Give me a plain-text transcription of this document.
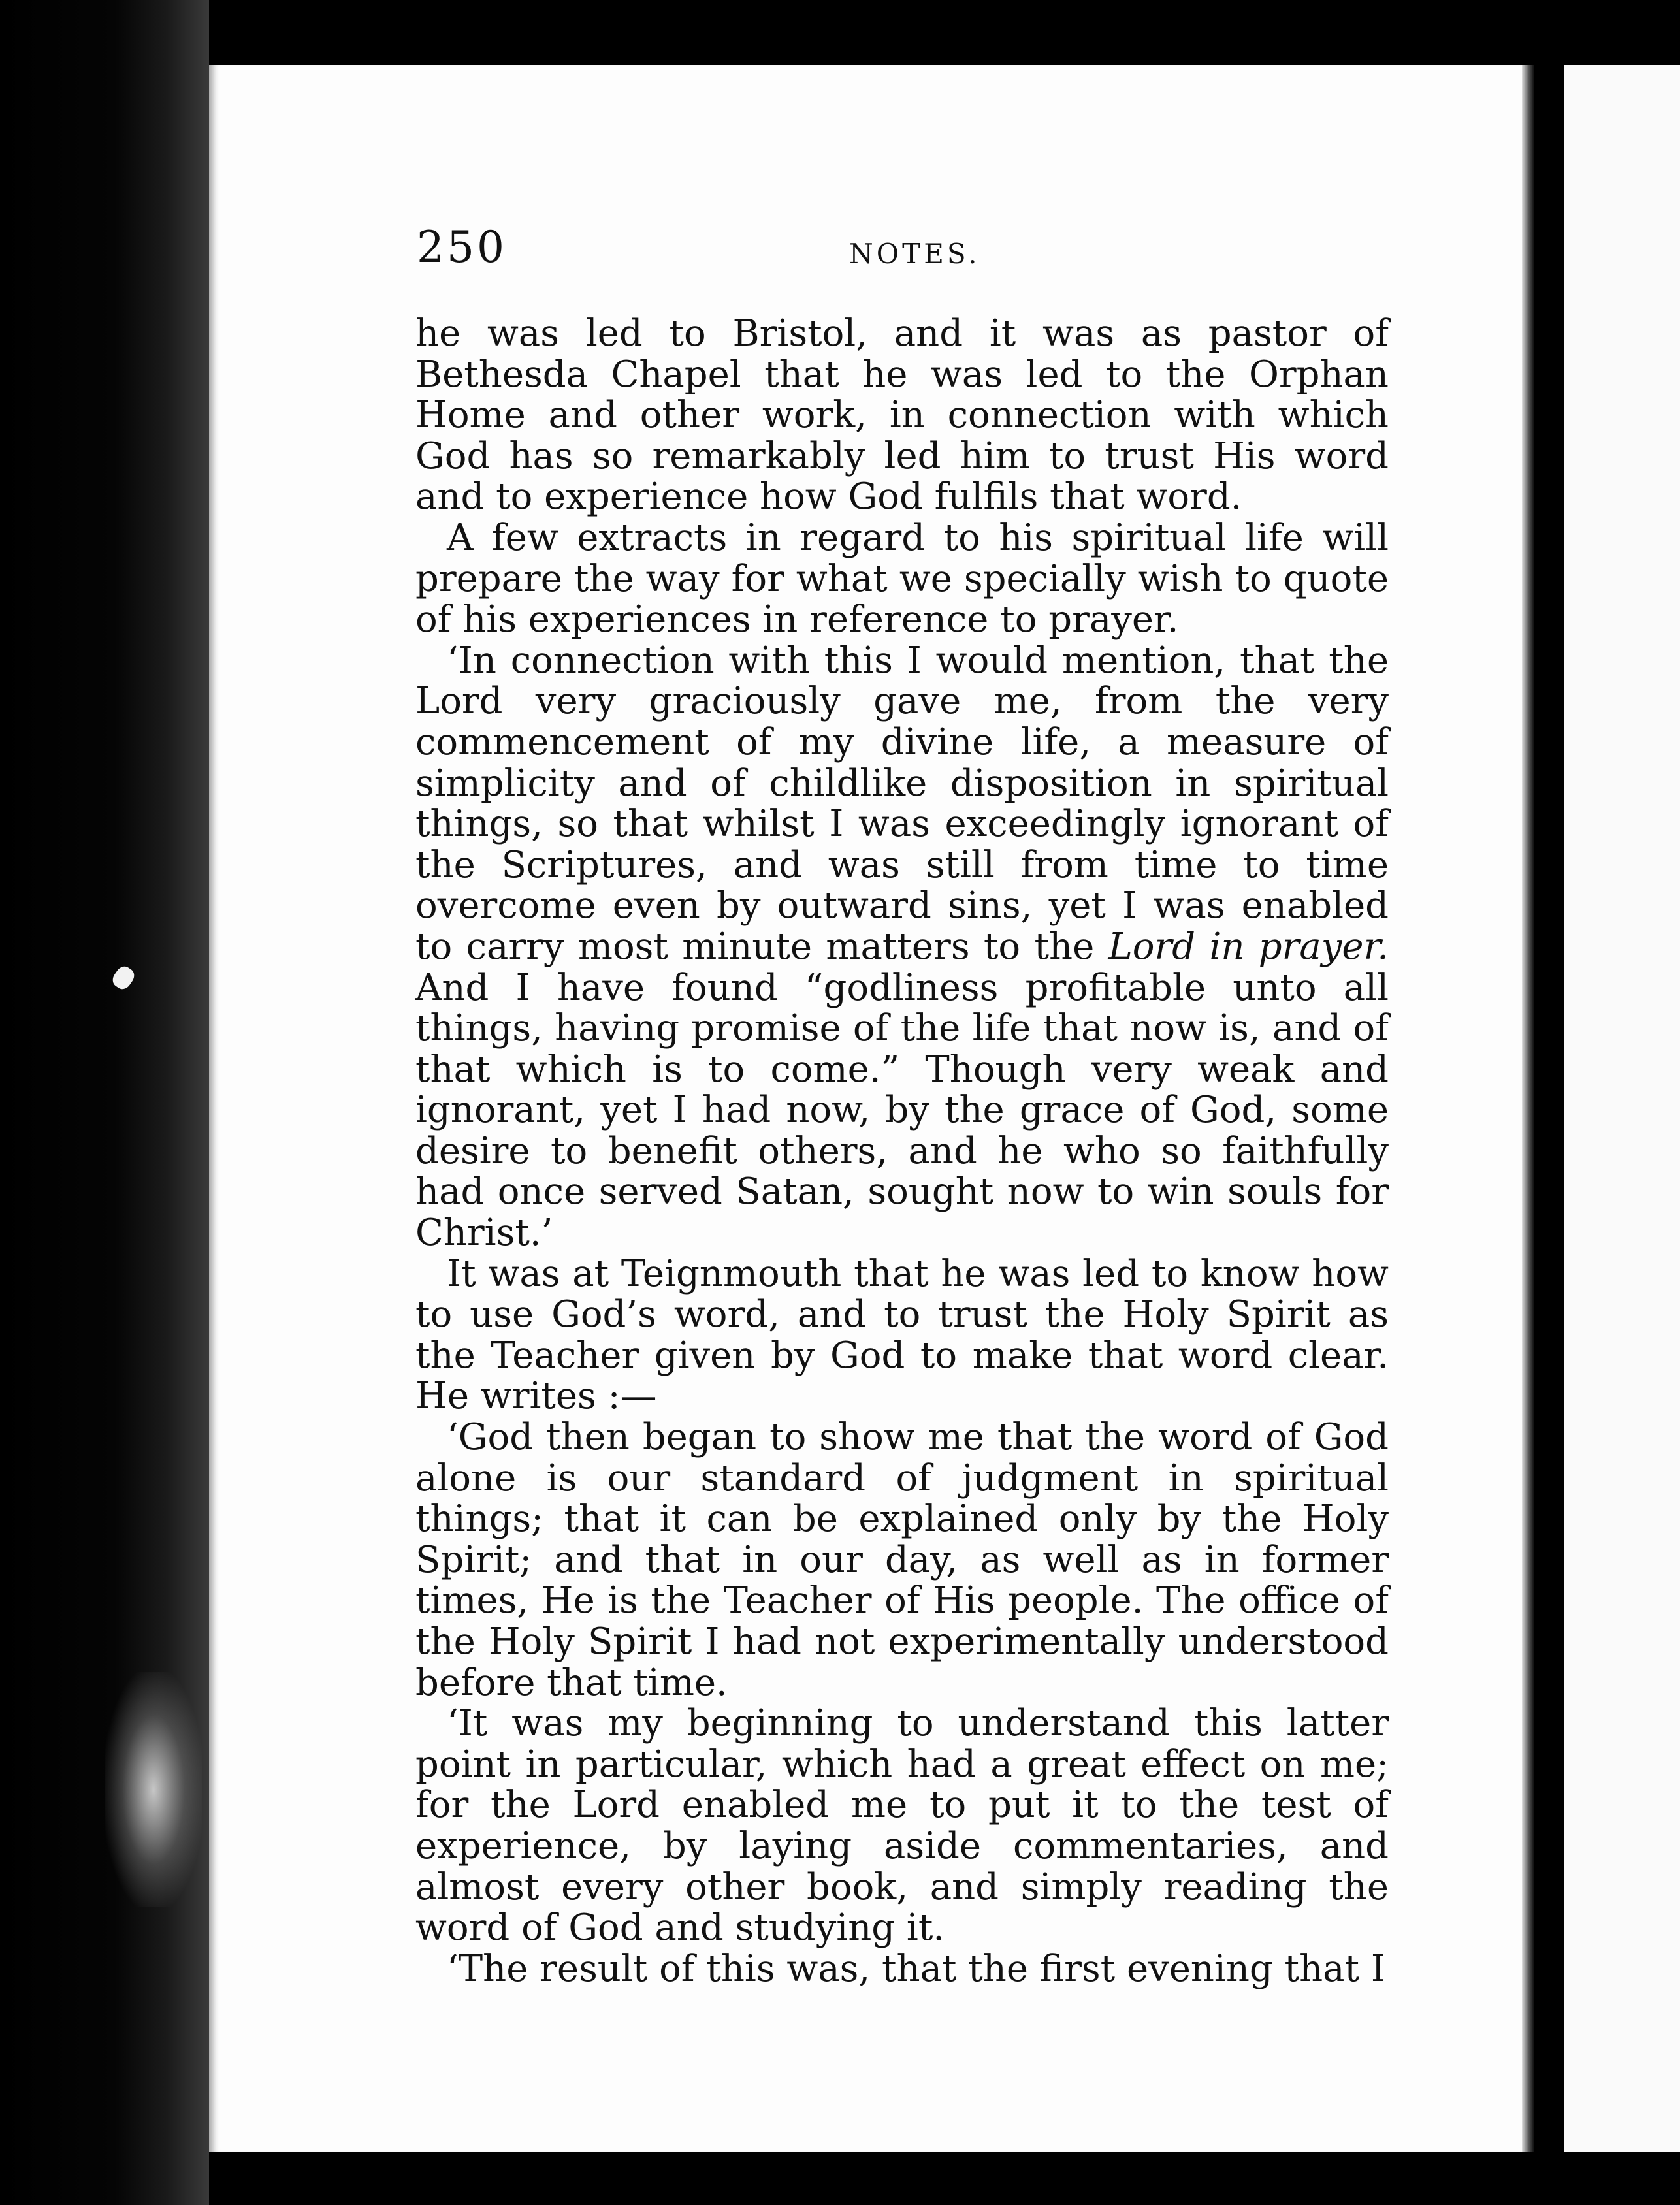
250	NOTES.

he was led to Bristol, and it was as pastor of Bethesda Chapel that he was led to the Orphan Home and other work, in connection with which God has so remarkably led him to trust His word and to experience how God fulfils that word.

A few extracts in regard to his spiritual life will prepare the way for what we specially wish to quote of his experiences in reference to prayer.

‘In connection with this I would mention, that the Lord very graciously gave me, from the very commencement of my divine life, a measure of simplicity and of childlike disposition in spiritual things, so that whilst I was exceedingly ignorant of the Scriptures, and was still from time to time overcome even by outward sins, yet I was enabled to carry most minute matters to the Lord in prayer. And I have found “godliness profitable unto all things, having promise of the life that now is, and of that which is to come.” Though very weak and ignorant, yet I had now, by the grace of God, some desire to benefit others, and he who so faithfully had once served Satan, sought now to win souls for Christ.’

It was at Teignmouth that he was led to know how to use God’s word, and to trust the Holy Spirit as the Teacher given by God to make that word clear. He writes :—

‘God then began to show me that the word of God alone is our standard of judgment in spiritual things; that it can be explained only by the Holy Spirit; and that in our day, as well as in former times, He is the Teacher of His people. The office of the Holy Spirit I had not experimentally understood before that time.

‘It was my beginning to understand this latter point in particular, which had a great effect on me; for the Lord enabled me to put it to the test of experience, by laying aside commentaries, and almost every other book, and simply reading the word of God and studying it.

‘The result of this was, that the first evening that I
